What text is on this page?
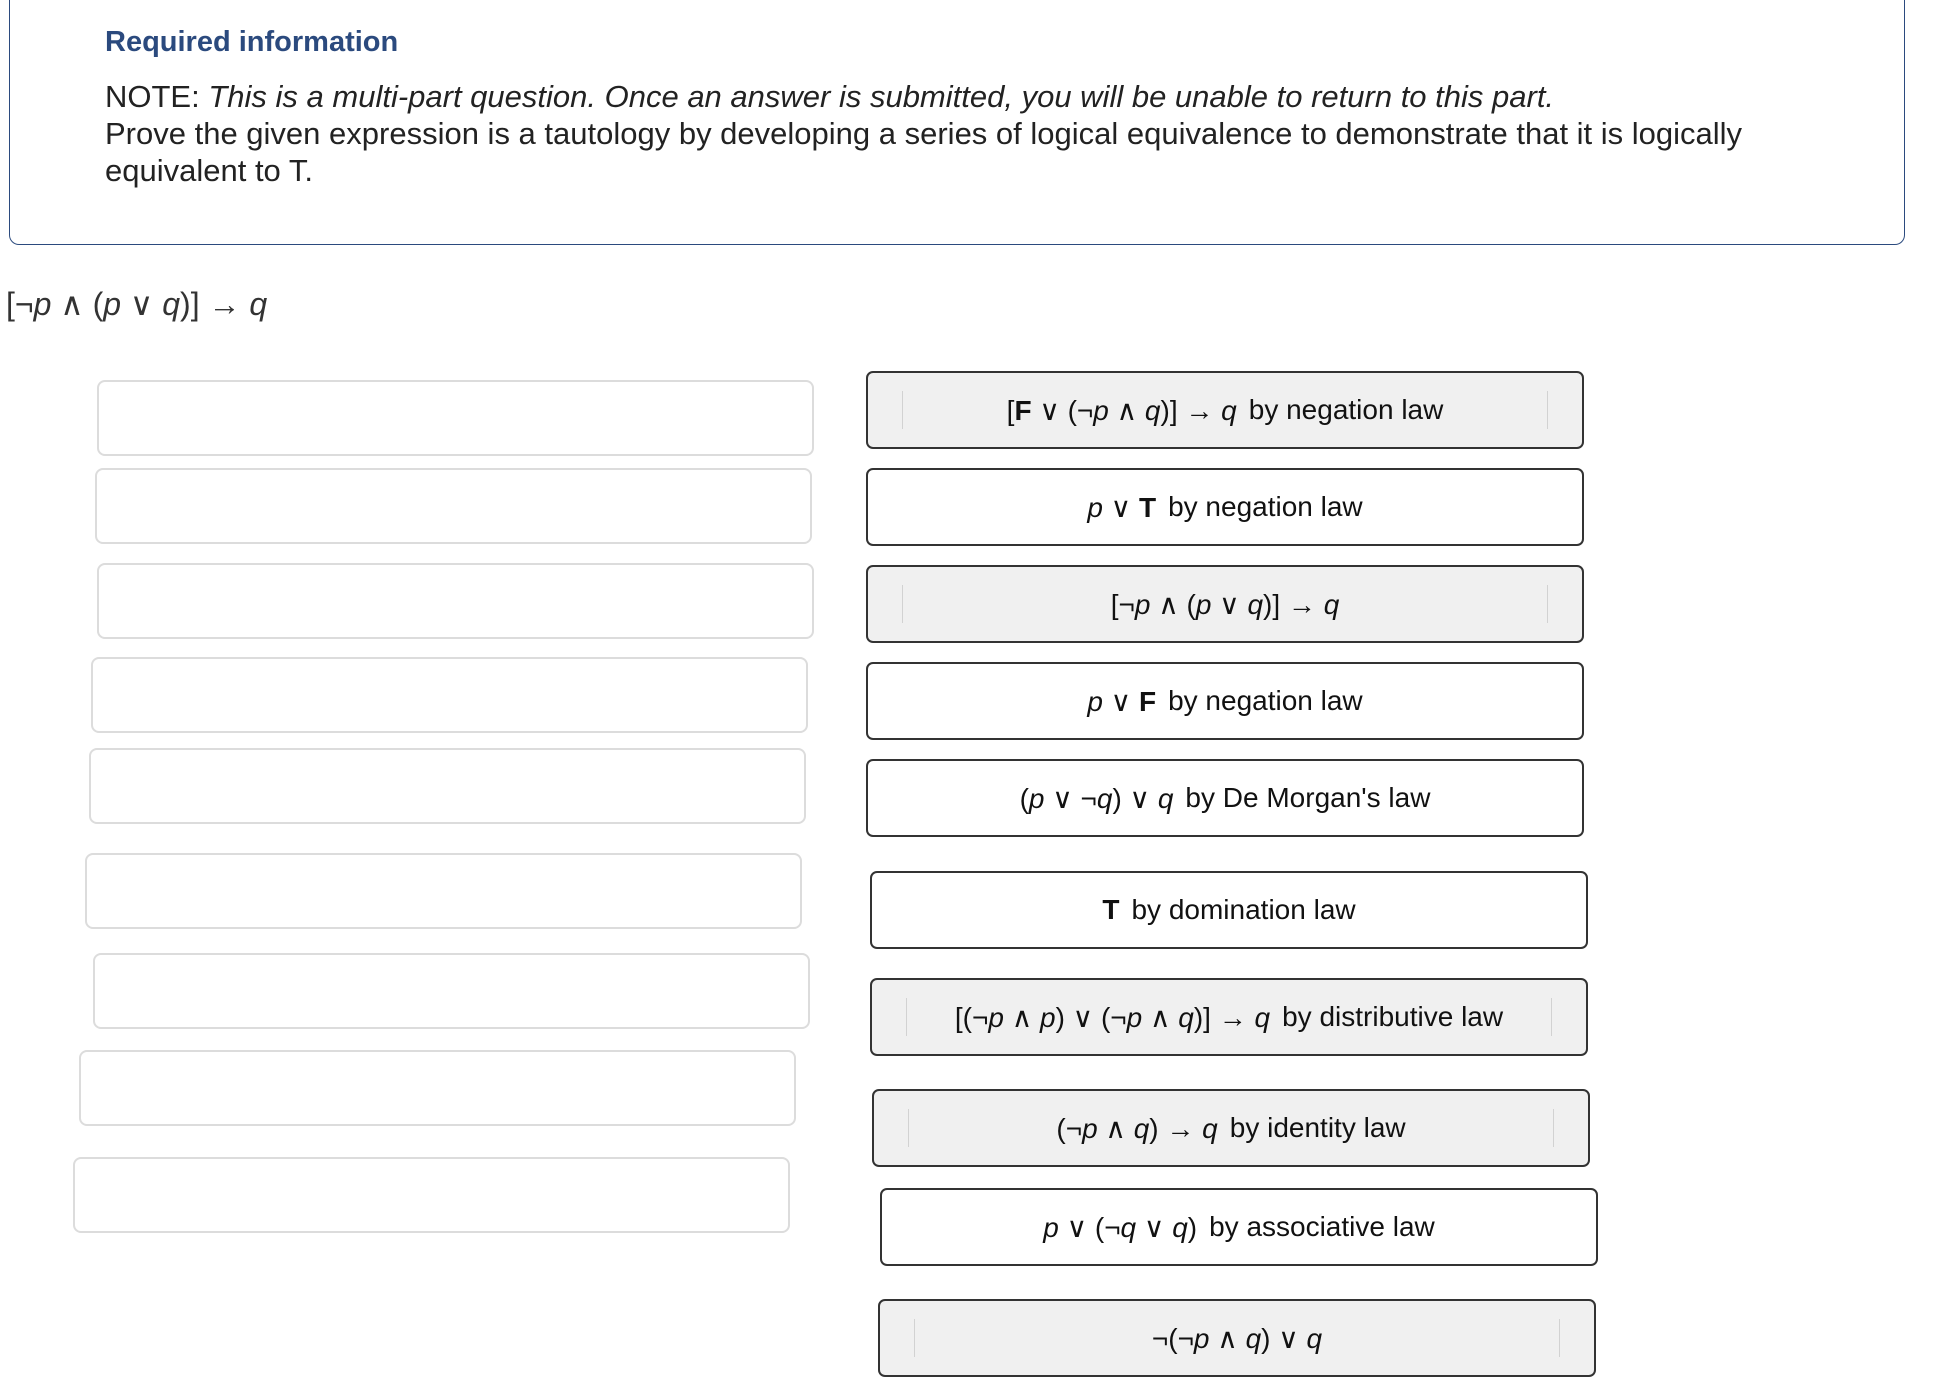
Required information
NOTE: This is a multi-part question. Once an answer is submitted, you will be unable to return to this part.
Prove the given expression is a tautology by developing a series of logical equivalence to demonstrate that it is logically equivalent to T.
[¬p ∧ (p ∨ q)] → q
[F ∨ (¬p ∧ q)] → q by negation law
p ∨ T by negation law
[¬p ∧ (p ∨ q)] → q
p ∨ F by negation law
(p ∨ ¬q) ∨ q by De Morgan's law
T by domination law
[(¬p ∧ p) ∨ (¬p ∧ q)] → q by distributive law
(¬p ∧ q) → q by identity law
p ∨ (¬q ∨ q) by associative law
¬(¬p ∧ q) ∨ q
